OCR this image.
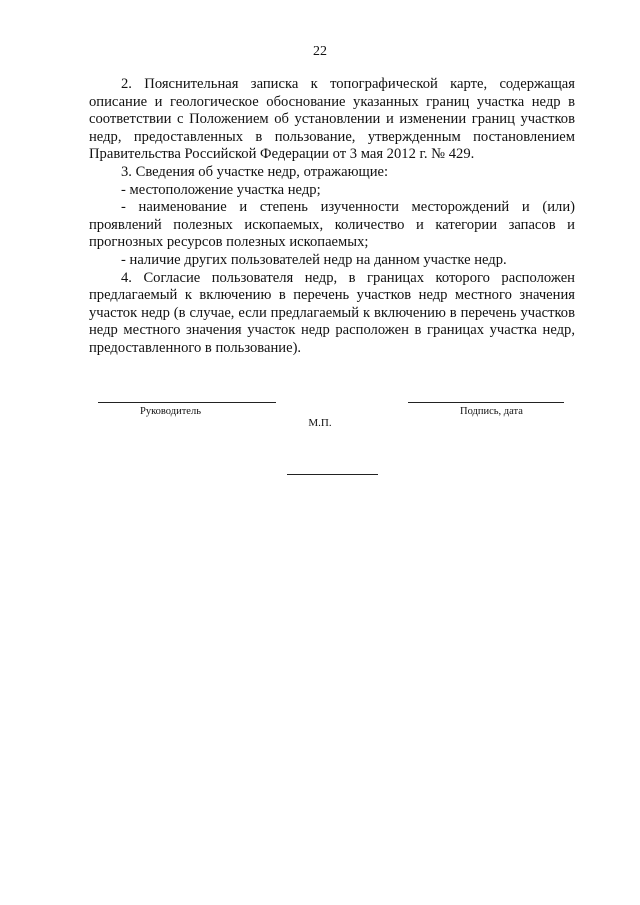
22

2. Пояснительная записка к топографической карте, содержащая описание и геологическое обоснование указанных границ участка недр в соответствии с Положением об установлении и изменении границ участков недр, предоставленных в пользование, утвержденным постановлением Правительства Российской Федерации от 3 мая 2012 г. № 429.

3. Сведения об участке недр, отражающие:

- местоположение участка недр;

- наименование и степень изученности месторождений и (или) проявлений полезных ископаемых, количество и категории запасов и прогнозных ресурсов полезных ископаемых;

- наличие других пользователей недр на данном участке недр.

4. Согласие пользователя недр, в границах которого расположен предлагаемый к включению в перечень участков недр местного значения участок недр (в случае, если предлагаемый к включению в перечень участков недр местного значения участок недр расположен в границах участка недр, предоставленного в пользование).

Руководитель	Подпись, дата
М.П.
